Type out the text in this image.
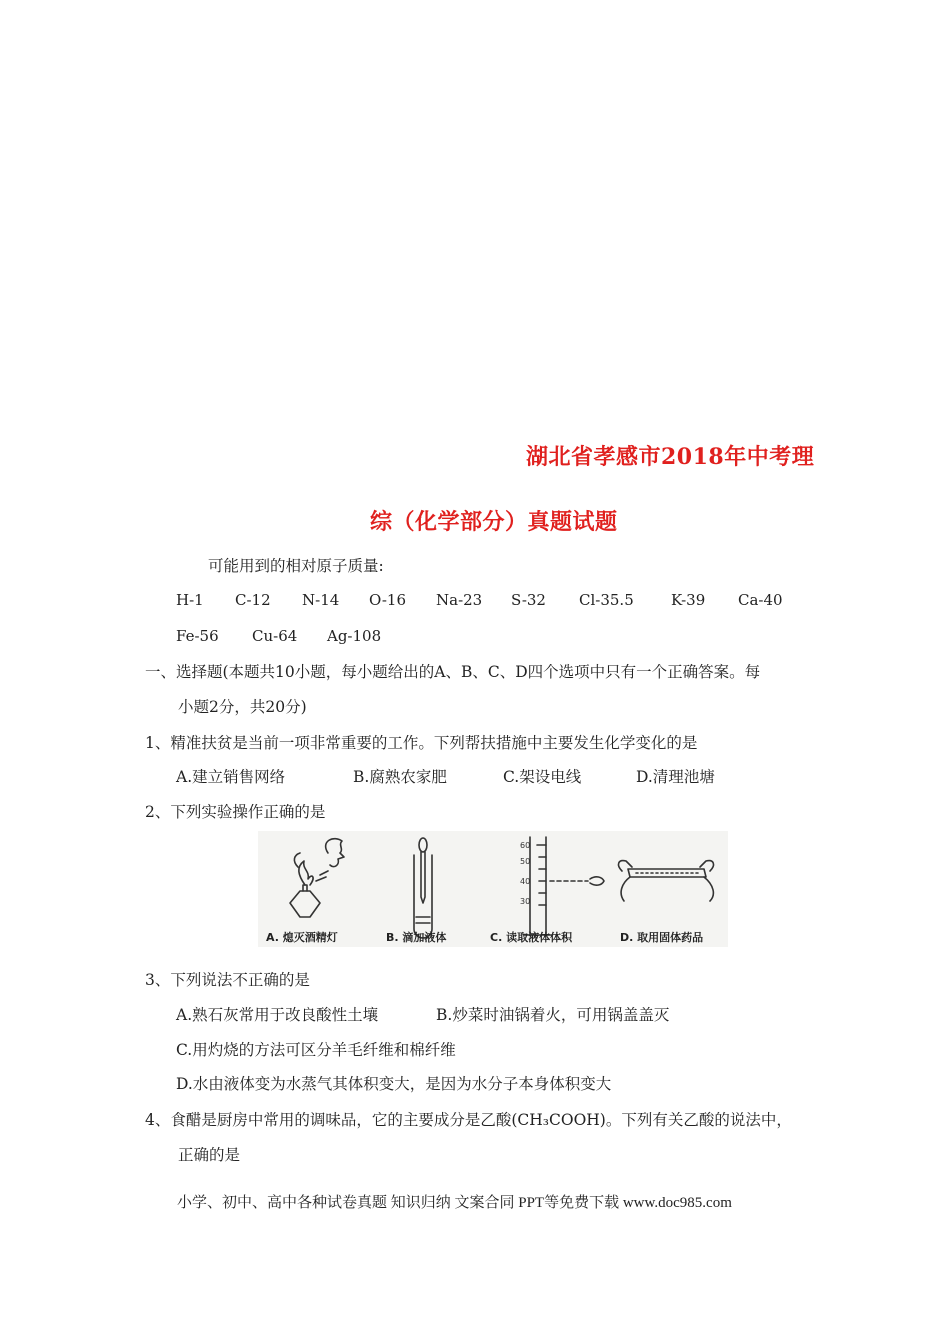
湖北省孝感市2018年中考理
综（化学部分）真题试题
可能用到的相对原子质量:
H-1 C-12 N-14 O-16 Na-23 S-32 Cl-35.5 K-39 Ca-40
Fe-56 Cu-64 Ag-108
一、选择题(本题共10小题，每小题给出的A、B、C、D四个选项中只有一个正确答案。每
小题2分，共20分)
1、精准扶贫是当前一项非常重要的工作。下列帮扶措施中主要发生化学变化的是
A.建立销售网络	B.腐熟农家肥	C.架设电线	D.清理池塘
2、下列实验操作正确的是
60
50
40
30
A. 熄灭酒精灯	B. 滴加液体	C. 读取液体体积	D. 取用固体药品
3、下列说法不正确的是
A.熟石灰常用于改良酸性土壤	B.炒菜时油锅着火，可用锅盖盖灭
C.用灼烧的方法可区分羊毛纤维和棉纤维
D.水由液体变为水蒸气其体积变大，是因为水分子本身体积变大
4、食醋是厨房中常用的调味品，它的主要成分是乙酸(CH₃COOH)。下列有关乙酸的说法中，
正确的是
小学、初中、高中各种试卷真题 知识归纳 文案合同 PPT等免费下载 www.doc985.com
